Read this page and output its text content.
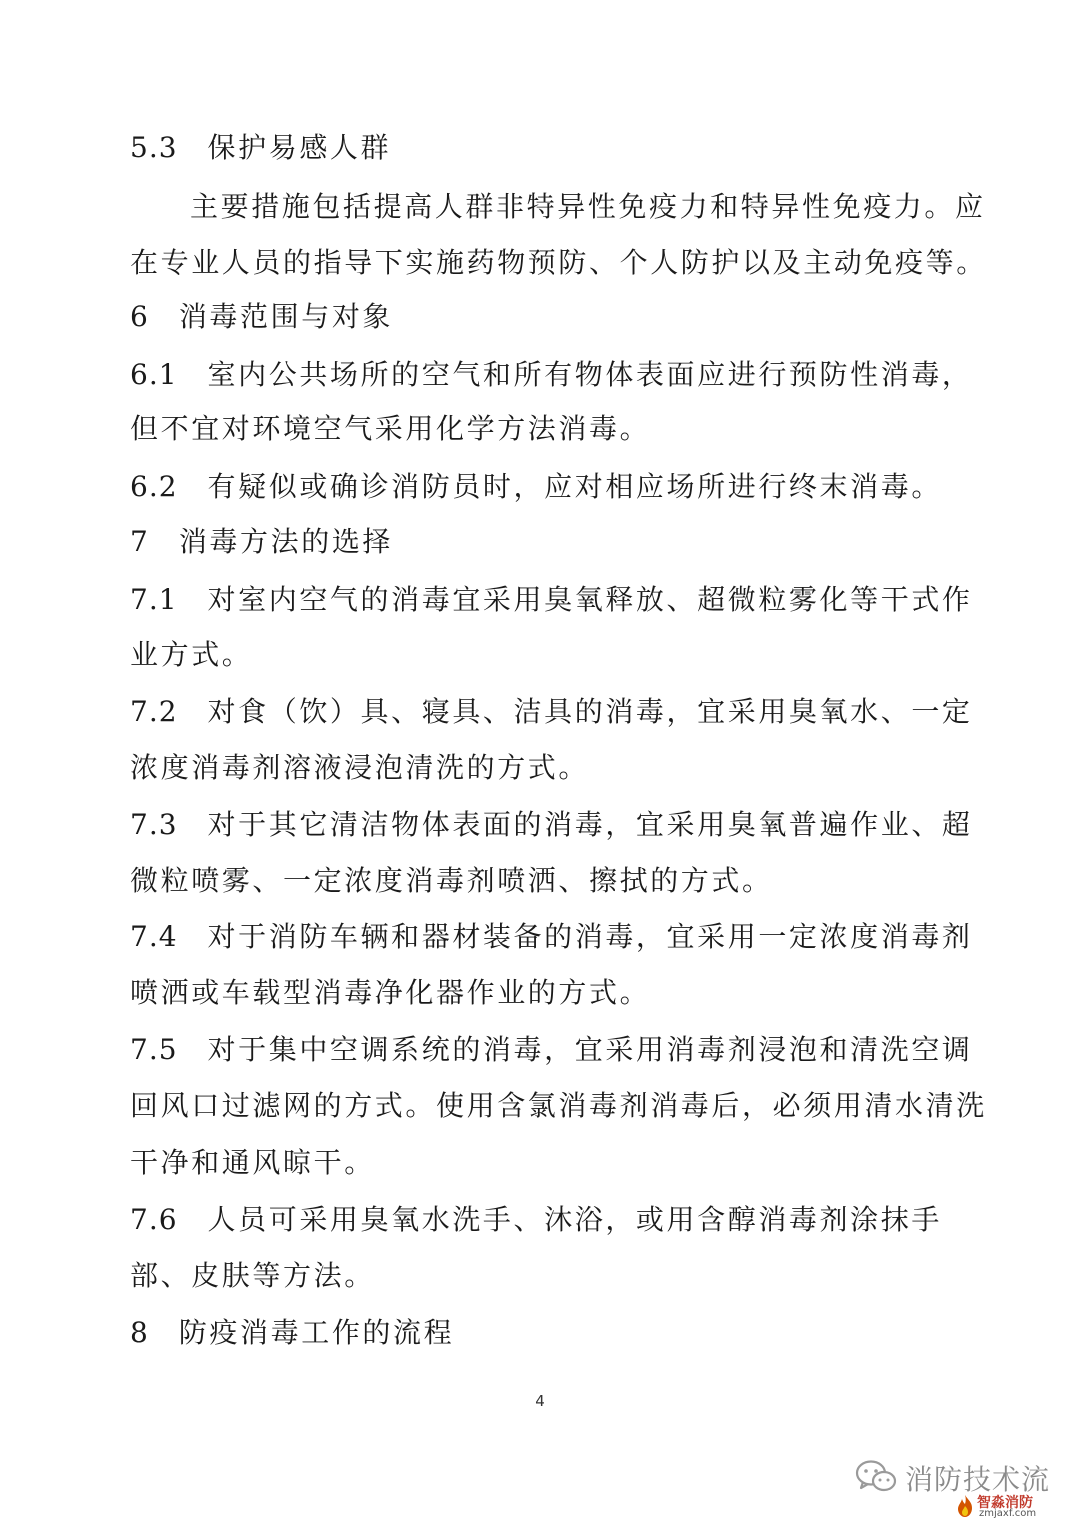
5.3 保护易感人群
主要措施包括提高人群非特异性免疫力和特异性免疫力。应
在专业人员的指导下实施药物预防、个人防护以及主动免疫等。
6 消毒范围与对象
6.1 室内公共场所的空气和所有物体表面应进行预防性消毒，
但不宜对环境空气采用化学方法消毒。
6.2 有疑似或确诊消防员时，应对相应场所进行终末消毒。
7 消毒方法的选择
7.1 对室内空气的消毒宜采用臭氧释放、超微粒雾化等干式作
业方式。
7.2 对食（饮）具、寝具、洁具的消毒，宜采用臭氧水、一定
浓度消毒剂溶液浸泡清洗的方式。
7.3 对于其它清洁物体表面的消毒，宜采用臭氧普遍作业、超
微粒喷雾、一定浓度消毒剂喷洒、擦拭的方式。
7.4 对于消防车辆和器材装备的消毒，宜采用一定浓度消毒剂
喷洒或车载型消毒净化器作业的方式。
7.5 对于集中空调系统的消毒，宜采用消毒剂浸泡和清洗空调
回风口过滤网的方式。使用含氯消毒剂消毒后，必须用清水清洗
干净和通风晾干。
7.6 人员可采用臭氧水洗手、沐浴，或用含醇消毒剂涂抹手
部、皮肤等方法。
8 防疫消毒工作的流程
4
消防技术流
智淼消防
zmjaxf.com
